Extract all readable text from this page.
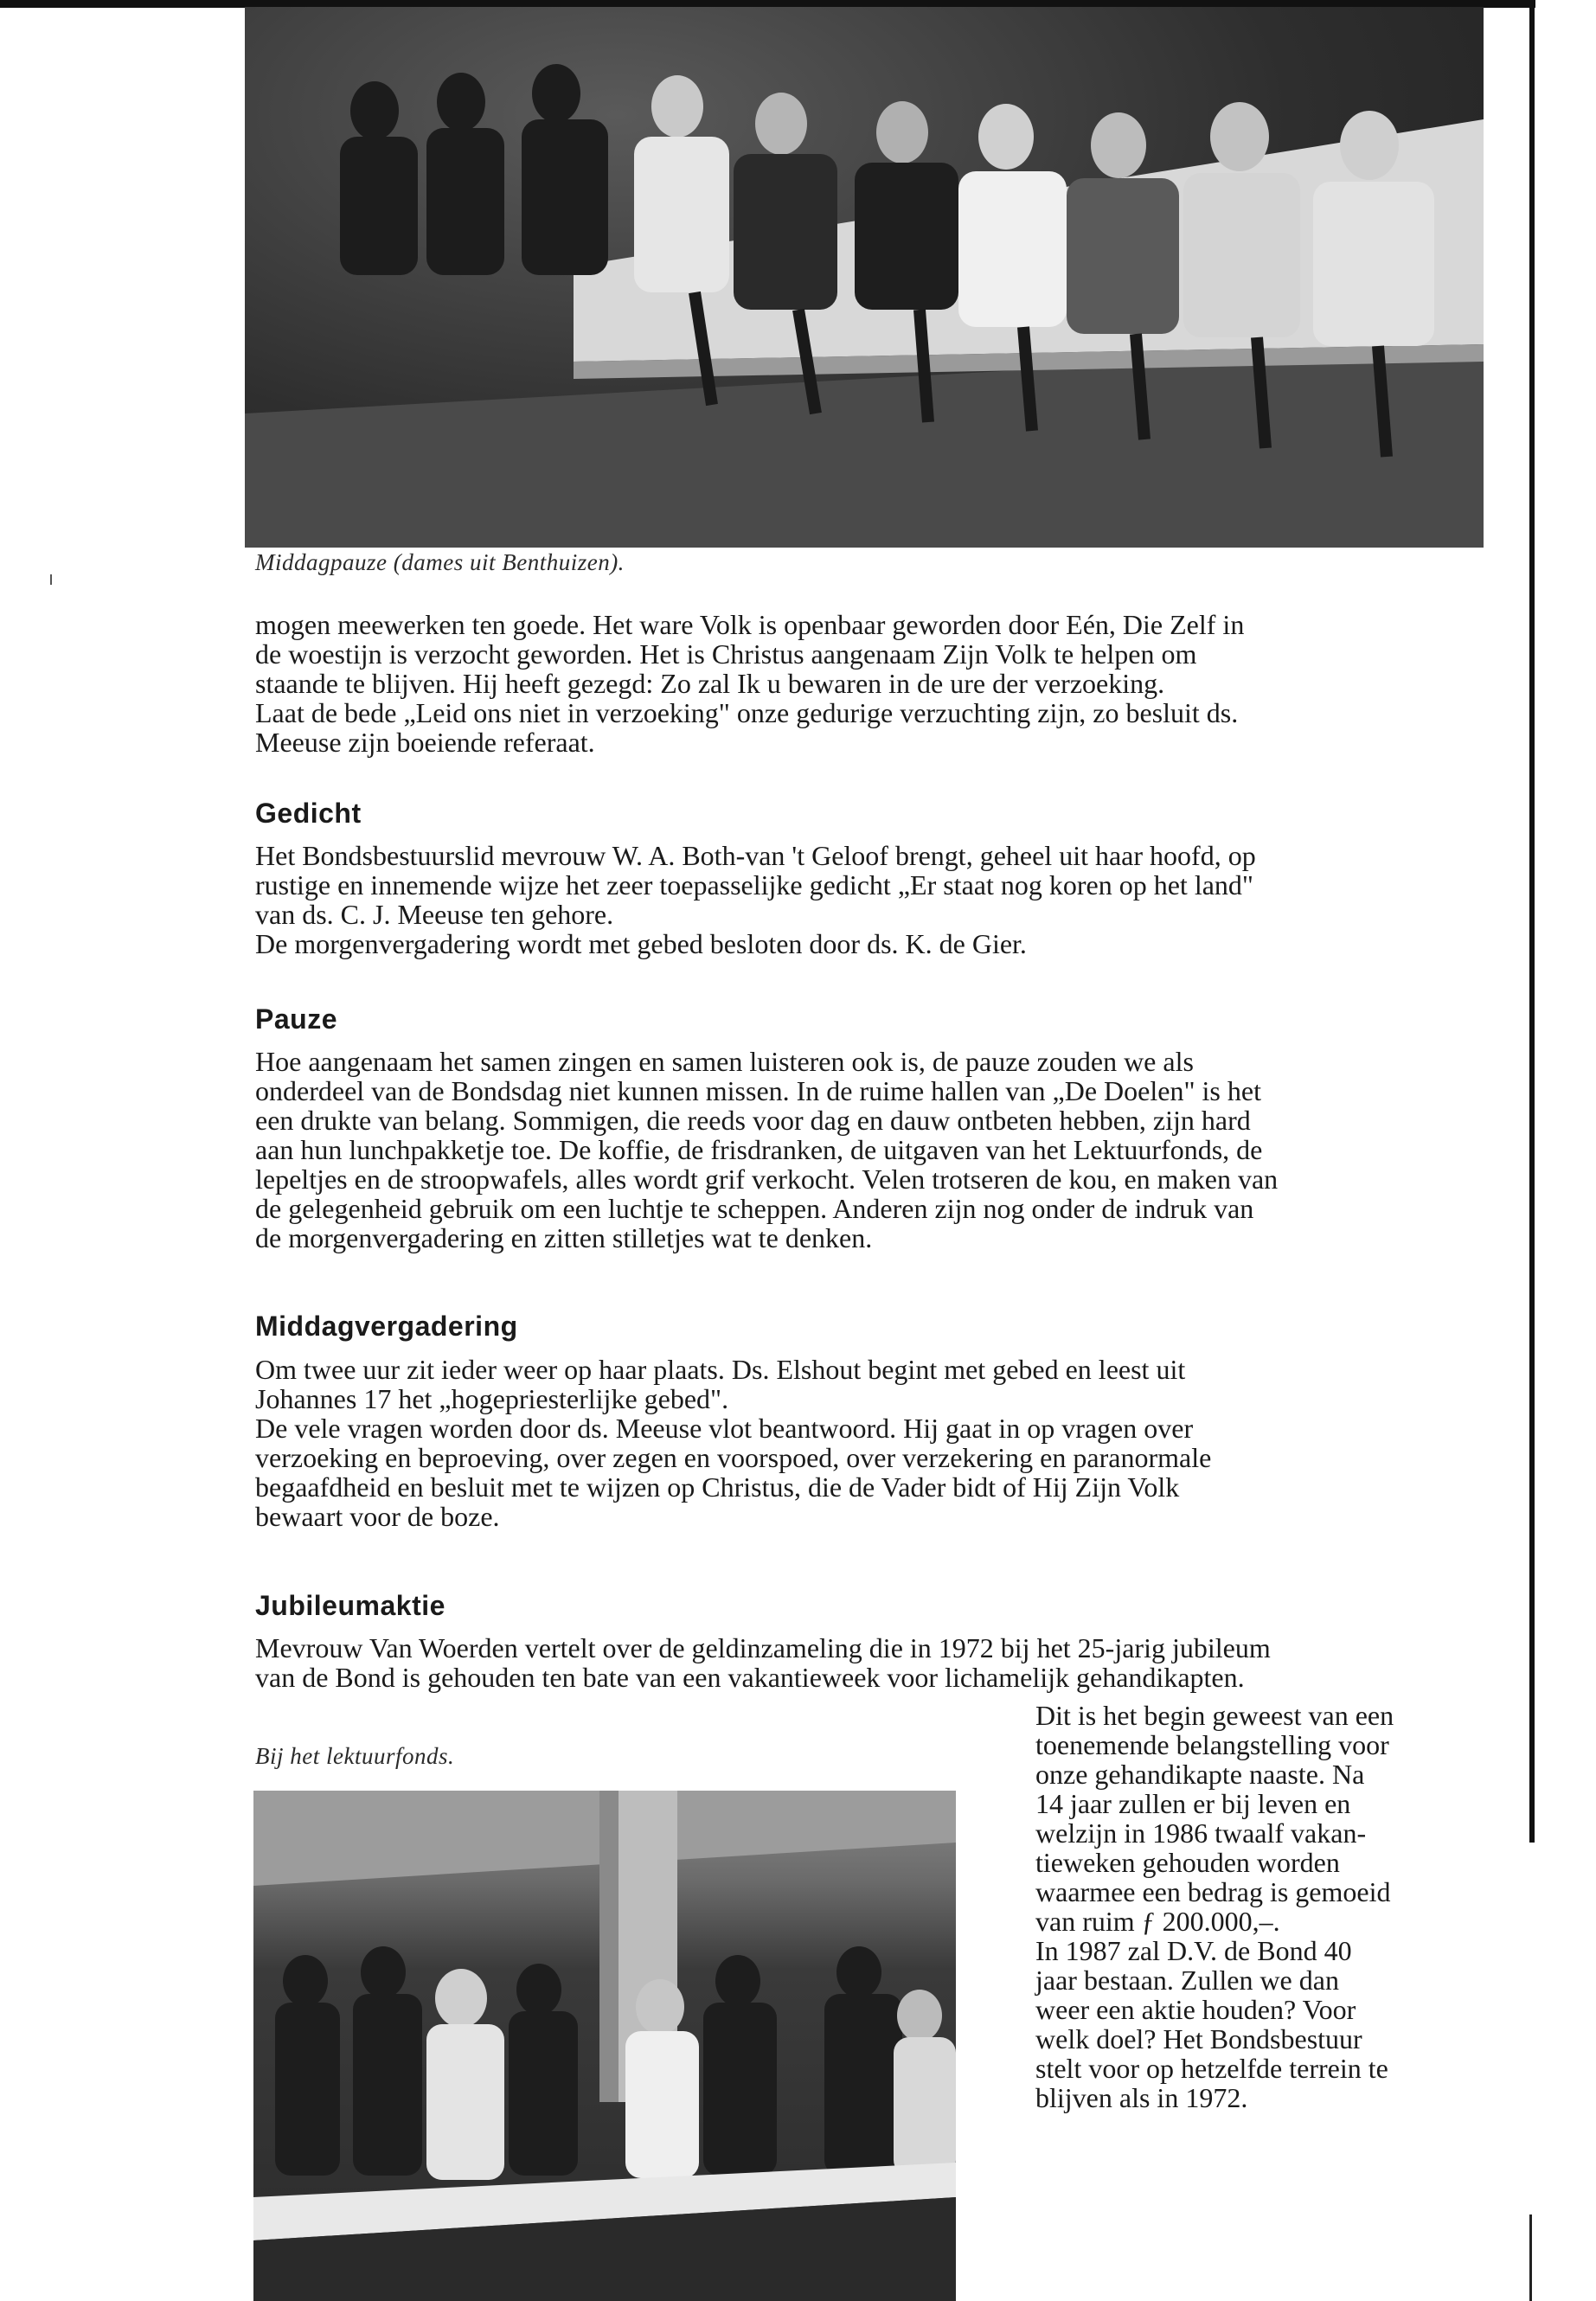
Middagpauze (dames uit Benthuizen).

mogen meewerken ten goede. Het ware Volk is openbaar geworden door Eén, Die Zelf in
de woestijn is verzocht geworden. Het is Christus aangenaam Zijn Volk te helpen om
staande te blijven. Hij heeft gezegd: Zo zal Ik u bewaren in de ure der verzoeking.
Laat de bede „Leid ons niet in verzoeking" onze gedurige verzuchting zijn, zo besluit ds.
Meeuse zijn boeiende referaat.

Gedicht

Het Bondsbestuurslid mevrouw W. A. Both-van 't Geloof brengt, geheel uit haar hoofd, op
rustige en innemende wijze het zeer toepasselijke gedicht „Er staat nog koren op het land"
van ds. C. J. Meeuse ten gehore.
De morgenvergadering wordt met gebed besloten door ds. K. de Gier.

Pauze

Hoe aangenaam het samen zingen en samen luisteren ook is, de pauze zouden we als
onderdeel van de Bondsdag niet kunnen missen. In de ruime hallen van „De Doelen" is het
een drukte van belang. Sommigen, die reeds voor dag en dauw ontbeten hebben, zijn hard
aan hun lunchpakketje toe. De koffie, de frisdranken, de uitgaven van het Lektuurfonds, de
lepeltjes en de stroopwafels, alles wordt grif verkocht. Velen trotseren de kou, en maken van
de gelegenheid gebruik om een luchtje te scheppen. Anderen zijn nog onder de indruk van
de morgenvergadering en zitten stilletjes wat te denken.

Middagvergadering

Om twee uur zit ieder weer op haar plaats. Ds. Elshout begint met gebed en leest uit
Johannes 17 het „hogepriesterlijke gebed".
De vele vragen worden door ds. Meeuse vlot beantwoord. Hij gaat in op vragen over
verzoeking en beproeving, over zegen en voorspoed, over verzekering en paranormale
begaafdheid en besluit met te wijzen op Christus, die de Vader bidt of Hij Zijn Volk
bewaart voor de boze.

Jubileumaktie

Mevrouw Van Woerden vertelt over de geldinzameling die in 1972 bij het 25-jarig jubileum
van de Bond is gehouden ten bate van een vakantieweek voor lichamelijk gehandikapten.

Dit is het begin geweest van een
toenemende belangstelling voor
onze gehandikapte naaste. Na
14 jaar zullen er bij leven en
welzijn in 1986 twaalf vakan-
tieweken gehouden worden
waarmee een bedrag is gemoeid
van ruim ƒ 200.000,–.
In 1987 zal D.V. de Bond 40
jaar bestaan. Zullen we dan
weer een aktie houden? Voor
welk doel? Het Bondsbestuur
stelt voor op hetzelfde terrein te
blijven als in 1972.

Bij het lektuurfonds.
